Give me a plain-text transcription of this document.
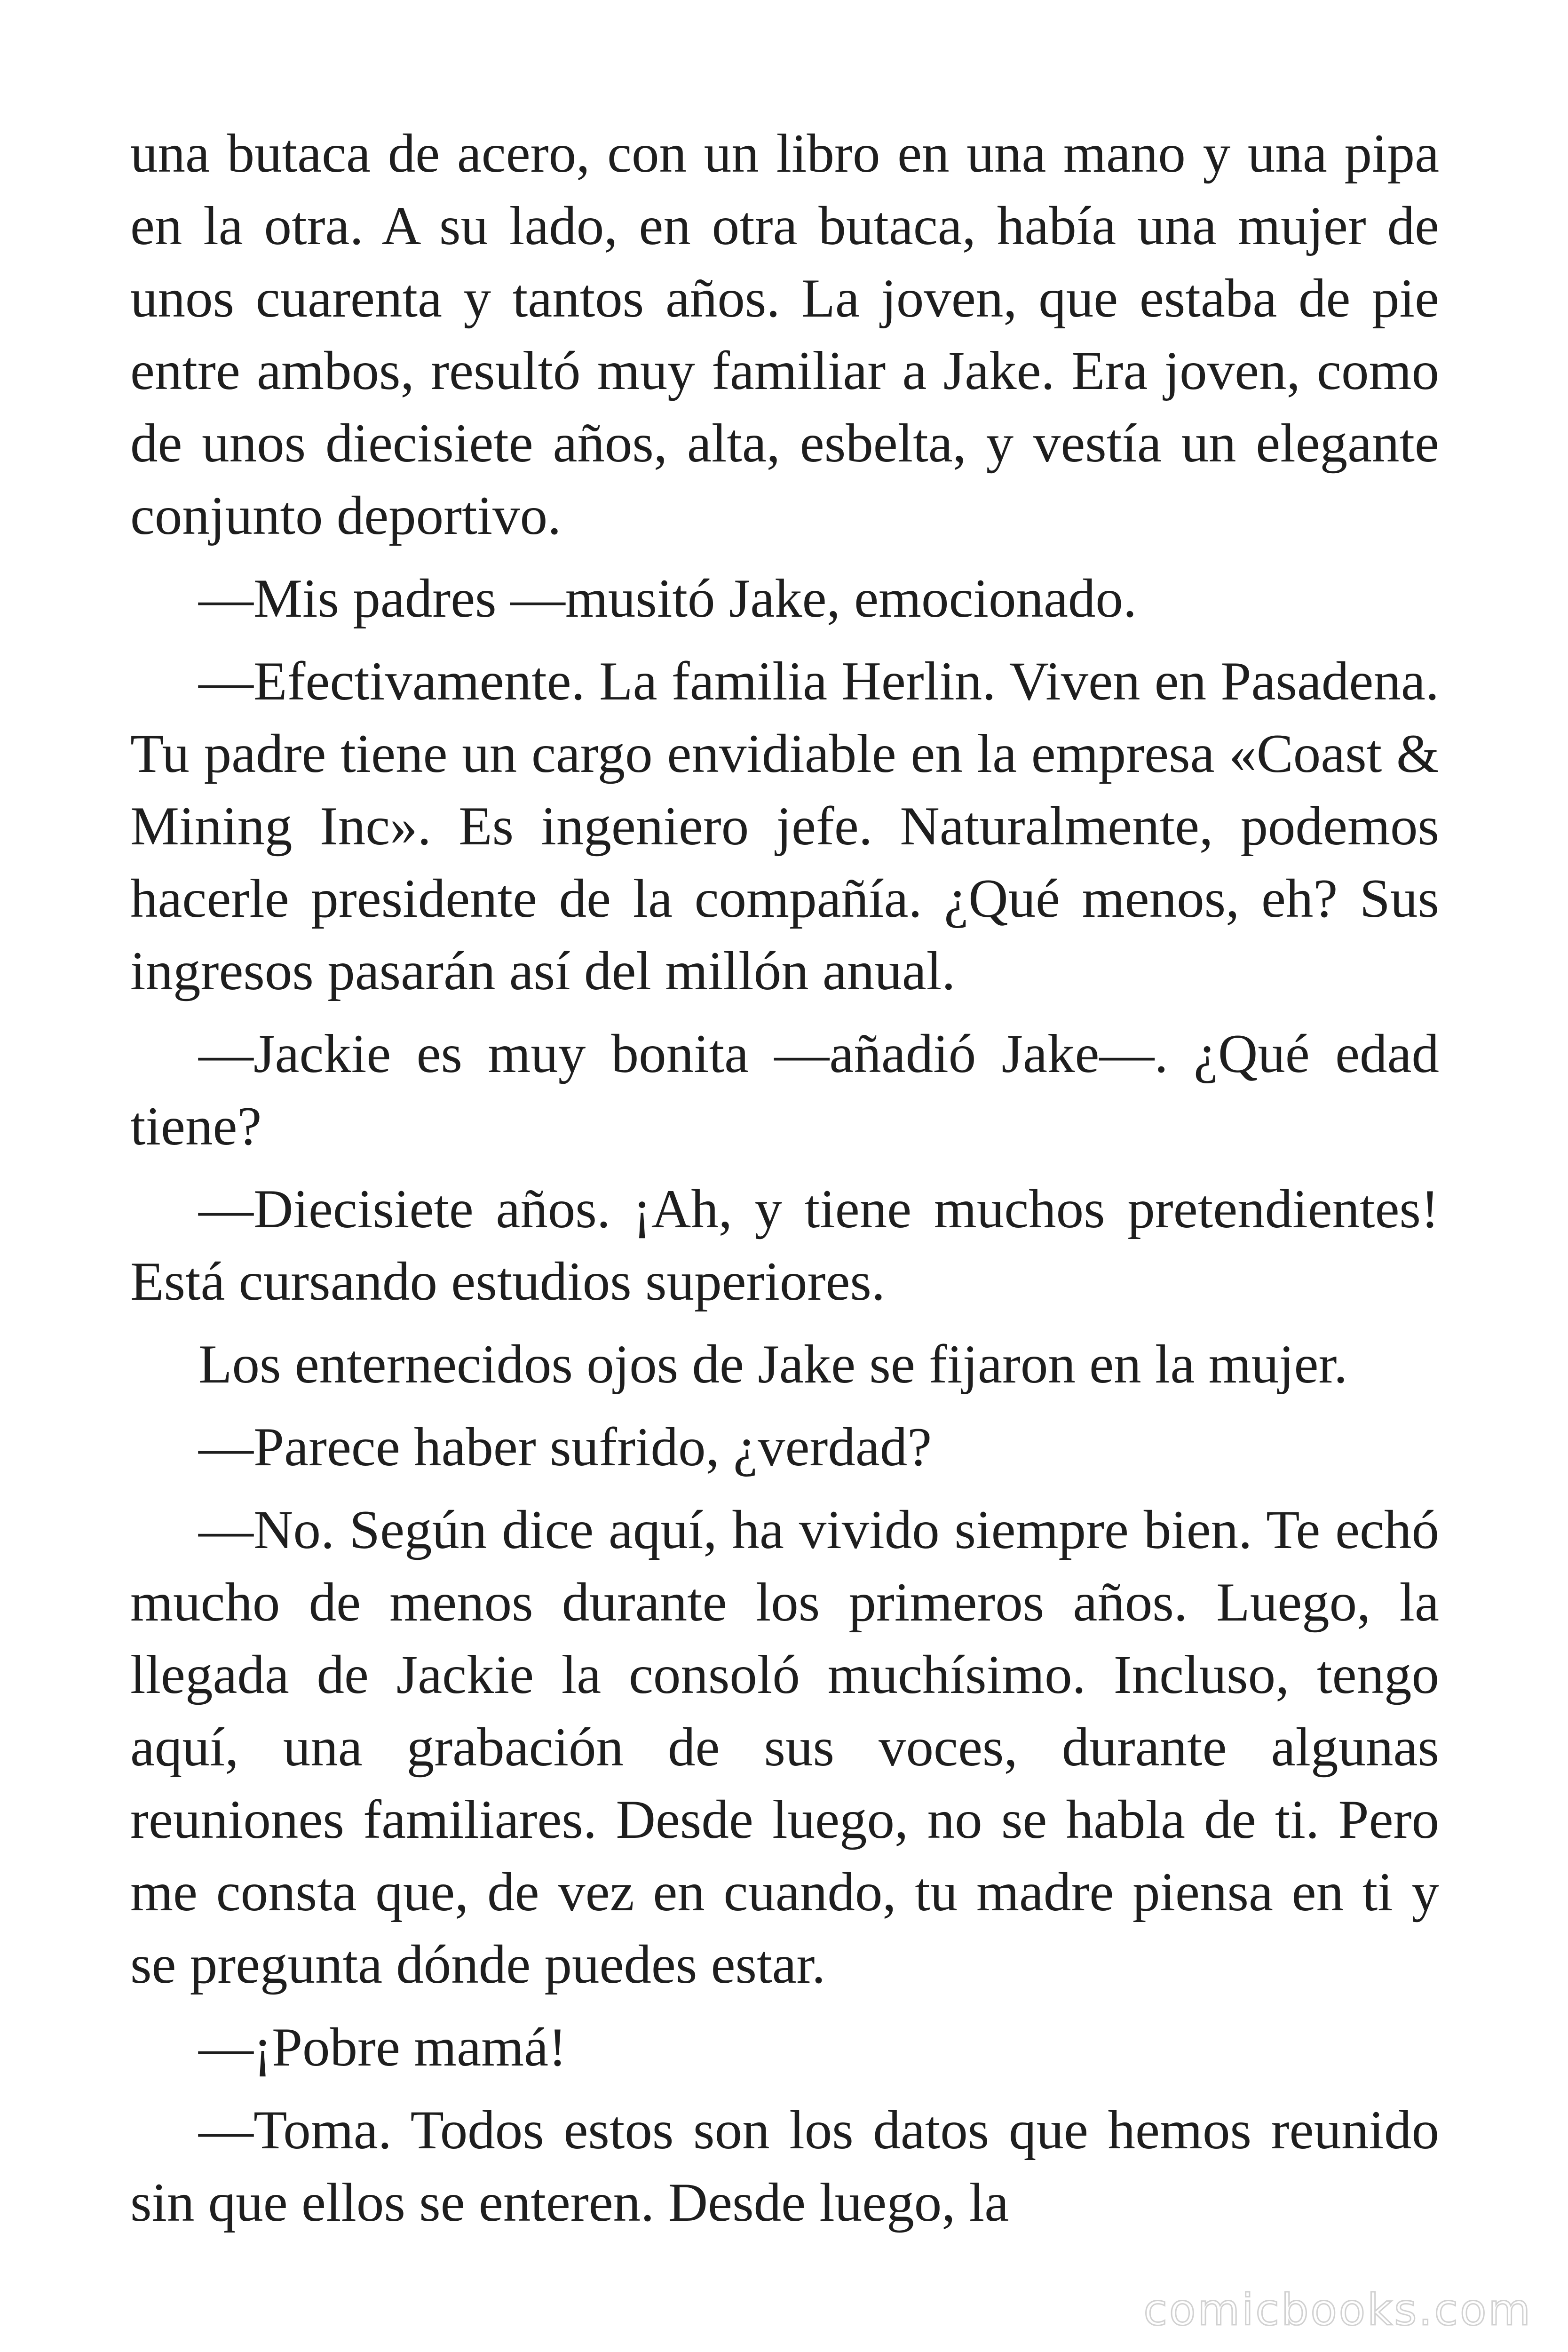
una butaca de acero, con un libro en una mano y una pipa en la otra. A su lado, en otra butaca, había una mujer de unos cuarenta y tantos años. La joven, que estaba de pie entre ambos, resultó muy familiar a Jake. Era joven, como de unos diecisiete años, alta, esbelta, y vestía un elegante conjunto deportivo.

—Mis padres —musitó Jake, emocionado.

—Efectivamente. La familia Herlin. Viven en Pasadena. Tu padre tiene un cargo envidiable en la empresa «Coast & Mining Inc». Es ingeniero jefe. Naturalmente, podemos hacerle presidente de la compañía. ¿Qué menos, eh? Sus ingresos pasarán así del millón anual.

—Jackie es muy bonita —añadió Jake—. ¿Qué edad tiene?

—Diecisiete años. ¡Ah, y tiene muchos pretendientes! Está cursando estudios superiores.

Los enternecidos ojos de Jake se fijaron en la mujer.

—Parece haber sufrido, ¿verdad?

—No. Según dice aquí, ha vivido siempre bien. Te echó mucho de menos durante los primeros años. Luego, la llegada de Jackie la consoló muchísimo. Incluso, tengo aquí, una grabación de sus voces, durante algunas reuniones familiares. Desde luego, no se habla de ti. Pero me consta que, de vez en cuando, tu madre piensa en ti y se pregunta dónde puedes estar.

—¡Pobre mamá!

—Toma. Todos estos son los datos que hemos reunido sin que ellos se enteren. Desde luego, la

comicbooks.com
